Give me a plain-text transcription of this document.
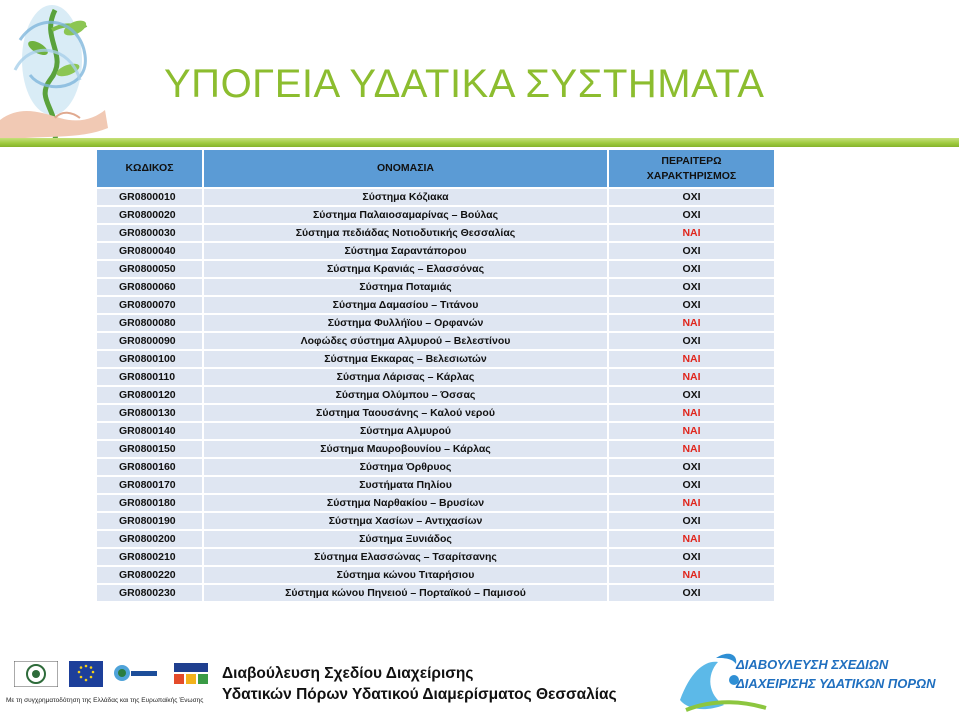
ΥΠΟΓΕΙΑ ΥΔΑΤΙΚΑ ΣΥΣΤΗΜΑΤΑ
ΚΩΔΙΚΟΣ	ΟΝΟΜΑΣΙΑ	ΠΕΡΑΙΤΕΡΩ
ΧΑΡΑΚΤΗΡΙΣΜΟΣ
GR0800010	Σύστημα Κόζιακα	ΟΧΙ
GR0800020	Σύστημα Παλαιοσαμαρίνας – Βούλας	ΟΧΙ
GR0800030	Σύστημα πεδιάδας Νοτιοδυτικής Θεσσαλίας	ΝΑΙ
GR0800040	Σύστημα Σαραντάπορου	ΟΧΙ
GR0800050	Σύστημα Κρανιάς – Ελασσόνας	ΟΧΙ
GR0800060	Σύστημα Ποταμιάς	ΟΧΙ
GR0800070	Σύστημα Δαμασίου – Τιτάνου	ΟΧΙ
GR0800080	Σύστημα Φυλλήϊου – Ορφανών	ΝΑΙ
GR0800090	Λοφώδες σύστημα Αλμυρού – Βελεστίνου	ΟΧΙ
GR0800100	Σύστημα Εκκαρας – Βελεσιωτών	ΝΑΙ
GR0800110	Σύστημα Λάρισας – Κάρλας	ΝΑΙ
GR0800120	Σύστημα Ολύμπου – Όσσας	ΟΧΙ
GR0800130	Σύστημα Ταουσάνης – Καλού νερού	ΝΑΙ
GR0800140	Σύστημα Αλμυρού	ΝΑΙ
GR0800150	Σύστημα Μαυροβουνίου – Κάρλας	ΝΑΙ
GR0800160	Σύστημα Όρθρυος	ΟΧΙ
GR0800170	Συστήματα Πηλίου	ΟΧΙ
GR0800180	Σύστημα Ναρθακίου – Βρυσίων	ΝΑΙ
GR0800190	Σύστημα Χασίων – Αντιχασίων	ΟΧΙ
GR0800200	Σύστημα Ξυνιάδος	ΝΑΙ
GR0800210	Σύστημα Ελασσώνας – Τσαρίτσανης	ΟΧΙ
GR0800220	Σύστημα κώνου Τιταρήσιου	ΝΑΙ
GR0800230	Σύστημα κώνου Πηνειού – Πορταϊκού – Παμισού	ΟΧΙ
Με τη συγχρηματοδότηση της Ελλάδας και της Ευρωπαϊκής Ένωσης
Διαβούλευση Σχεδίου Διαχείρισης
Υδατικών Πόρων Υδατικού Διαμερίσματος Θεσσαλίας
ΔΙΑΒΟΥΛΕΥΣΗ ΣΧΕΔΙΩΝ
ΔΙΑΧΕΙΡΙΣΗΣ ΥΔΑΤΙΚΩΝ ΠΟΡΩΝ
